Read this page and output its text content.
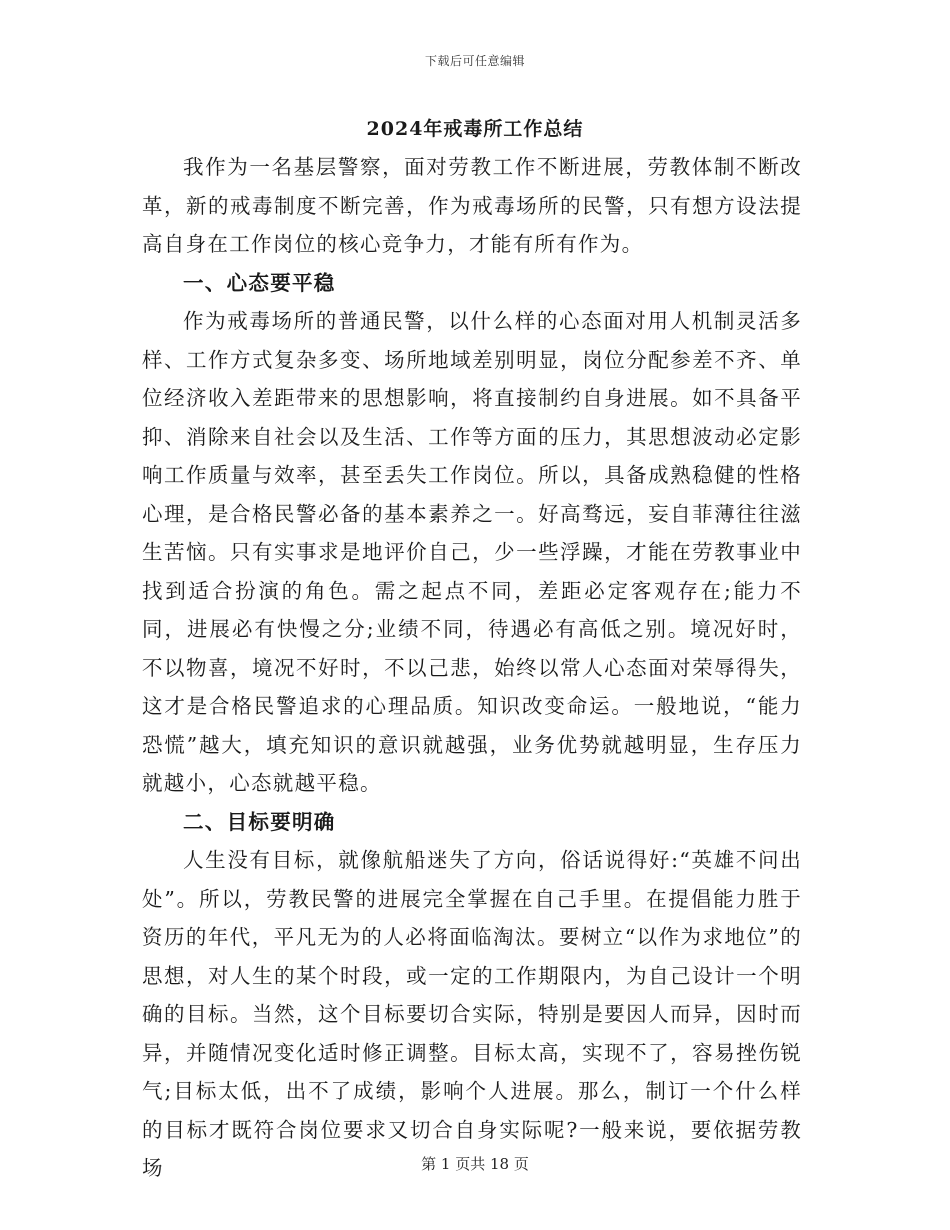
下载后可任意编辑
2024年戒毒所工作总结

我作为一名基层警察，面对劳教工作不断进展，劳教体制不断改革，新的戒毒制度不断完善，作为戒毒场所的民警，只有想方设法提高自身在工作岗位的核心竞争力，才能有所有作为。

一、心态要平稳

作为戒毒场所的普通民警，以什么样的心态面对用人机制灵活多样、工作方式复杂多变、场所地域差别明显，岗位分配参差不齐、单位经济收入差距带来的思想影响，将直接制约自身进展。如不具备平抑、消除来自社会以及生活、工作等方面的压力，其思想波动必定影响工作质量与效率，甚至丢失工作岗位。所以，具备成熟稳健的性格心理，是合格民警必备的基本素养之一。好高骛远，妄自菲薄往往滋生苦恼。只有实事求是地评价自己，少一些浮躁，才能在劳教事业中找到适合扮演的角色。需之起点不同，差距必定客观存在;能力不同，进展必有快慢之分;业绩不同，待遇必有高低之别。境况好时，不以物喜，境况不好时，不以己悲，始终以常人心态面对荣辱得失，这才是合格民警追求的心理品质。知识改变命运。一般地说，“能力恐慌”越大，填充知识的意识就越强，业务优势就越明显，生存压力就越小，心态就越平稳。

二、目标要明确

人生没有目标，就像航船迷失了方向，俗话说得好:“英雄不问出处”。所以，劳教民警的进展完全掌握在自己手里。在提倡能力胜于资历的年代，平凡无为的人必将面临淘汰。要树立“以作为求地位”的思想，对人生的某个时段，或一定的工作期限内，为自己设计一个明确的目标。当然，这个目标要切合实际，特别是要因人而异，因时而异，并随情况变化适时修正调整。目标太高，实现不了，容易挫伤锐气;目标太低，出不了成绩，影响个人进展。那么，制订一个什么样的目标才既符合岗位要求又切合自身实际呢?一般来说，要依据劳教场	第 1 页共 18 页
